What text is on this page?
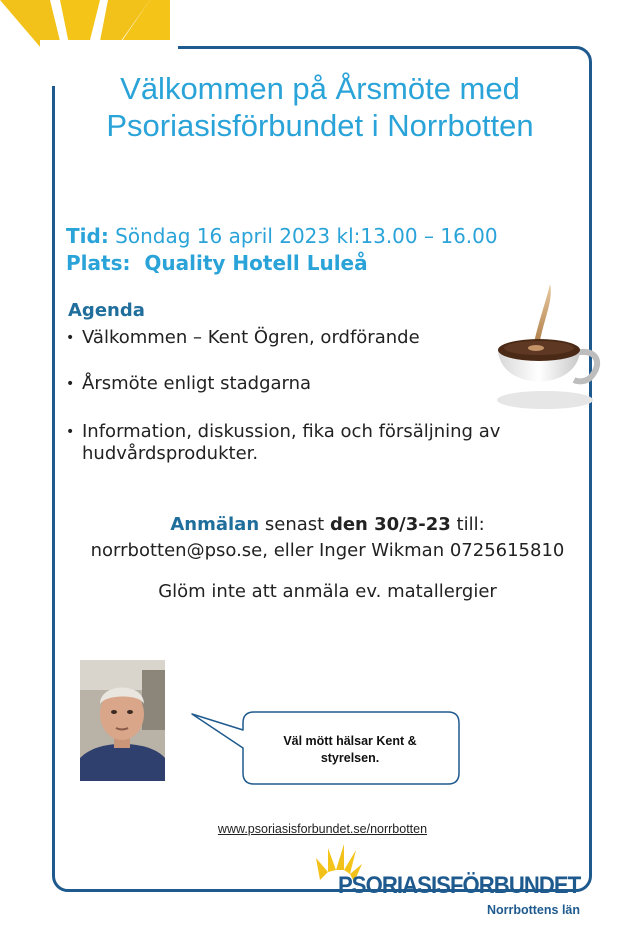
Välkommen på Årsmöte med
Psoriasisförbundet i Norrbotten
Tid: Söndag 16 april 2023 kl:13.00 – 16.00
Plats: Quality Hotell Luleå
Agenda
• Välkommen – Kent Ögren, ordförande
• Årsmöte enligt stadgarna
• Information, diskussion, fika och försäljning av hudvårdsprodukter.
Anmälan senast den 30/3-23 till:
norrbotten@pso.se, eller Inger Wikman 0725615810
Glöm inte att anmäla ev. matallergier
Väl mött hälsar Kent & styrelsen.
www.psoriasisforbundet.se/norrbotten
PSORIASISFÖRBUNDET
Norrbottens län
